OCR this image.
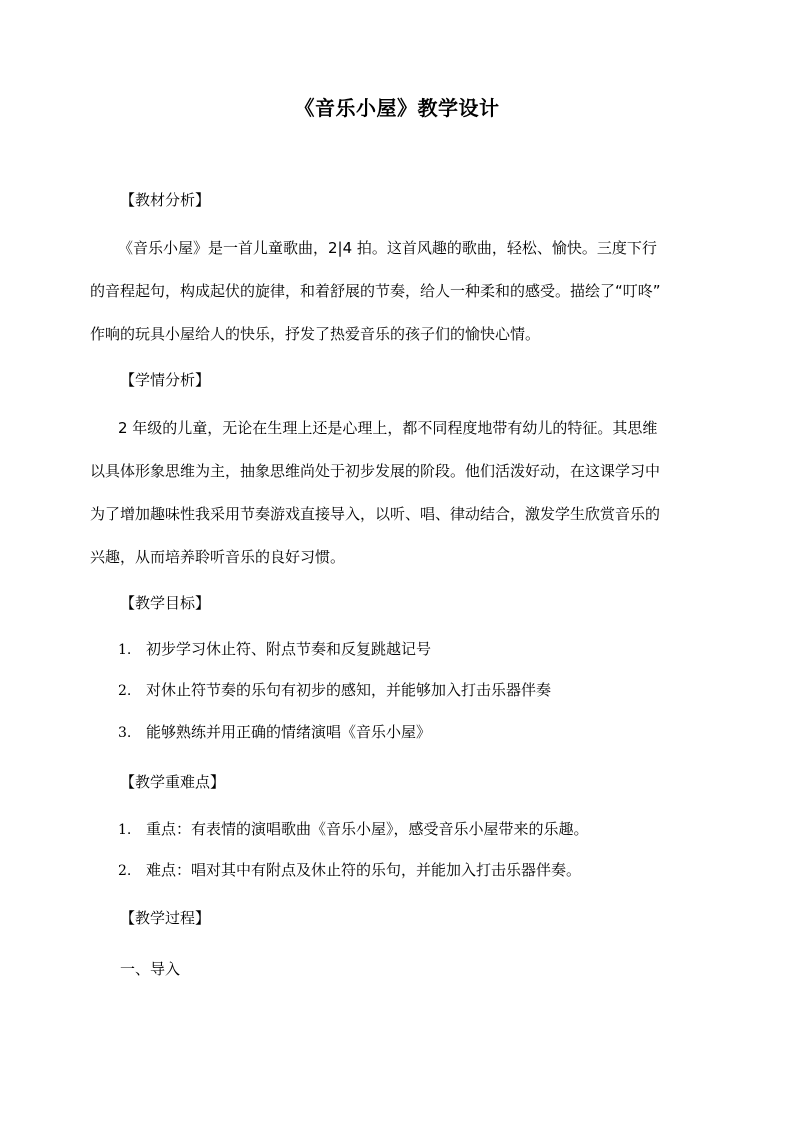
《音乐小屋》教学设计
【教材分析】
《音乐小屋》是一首儿童歌曲，2|4 拍。这首风趣的歌曲，轻松、愉快。三度下行
的音程起句，构成起伏的旋律，和着舒展的节奏，给人一种柔和的感受。描绘了“叮咚”
作响的玩具小屋给人的快乐，抒发了热爱音乐的孩子们的愉快心情。
【学情分析】
2 年级的儿童，无论在生理上还是心理上，都不同程度地带有幼儿的特征。其思维
以具体形象思维为主，抽象思维尚处于初步发展的阶段。他们活泼好动，在这课学习中
为了增加趣味性我采用节奏游戏直接导入，以听、唱、律动结合，激发学生欣赏音乐的
兴趣，从而培养聆听音乐的良好习惯。
【教学目标】
1. 初步学习休止符、附点节奏和反复跳越记号
2. 对休止符节奏的乐句有初步的感知，并能够加入打击乐器伴奏
3. 能够熟练并用正确的情绪演唱《音乐小屋》
【教学重难点】
1. 重点：有表情的演唱歌曲《音乐小屋》，感受音乐小屋带来的乐趣。
2. 难点：唱对其中有附点及休止符的乐句，并能加入打击乐器伴奏。
【教学过程】
一、导入
